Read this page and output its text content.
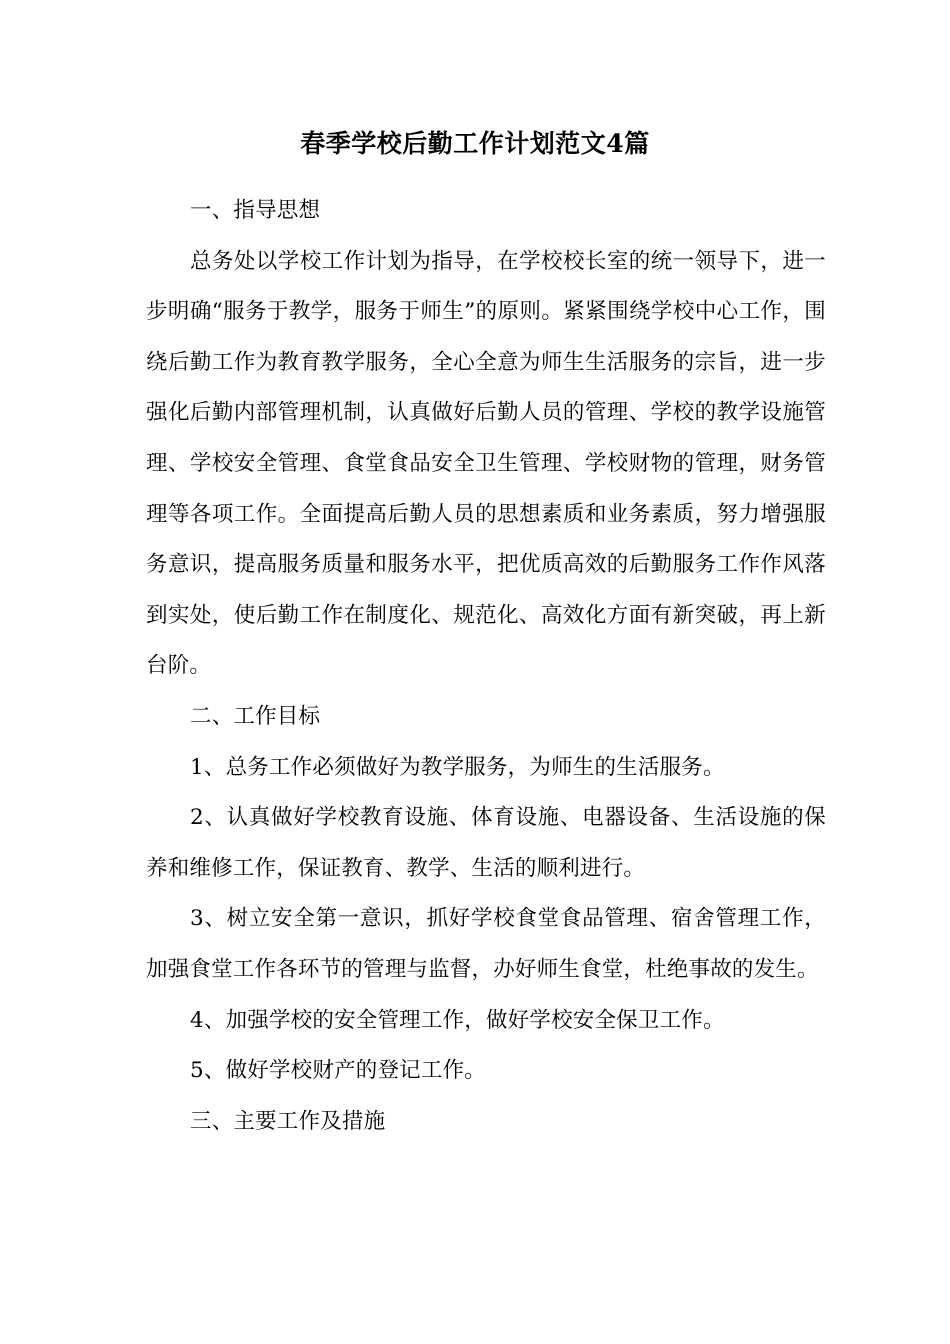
春季学校后勤工作计划范文4篇

一、指导思想

总务处以学校工作计划为指导，在学校校长室的统一领导下，进一步明确“服务于教学，服务于师生”的原则。紧紧围绕学校中心工作，围绕后勤工作为教育教学服务，全心全意为师生生活服务的宗旨，进一步强化后勤内部管理机制，认真做好后勤人员的管理、学校的教学设施管理、学校安全管理、食堂食品安全卫生管理、学校财物的管理，财务管理等各项工作。全面提高后勤人员的思想素质和业务素质，努力增强服务意识，提高服务质量和服务水平，把优质高效的后勤服务工作作风落到实处，使后勤工作在制度化、规范化、高效化方面有新突破，再上新台阶。

二、工作目标

1、总务工作必须做好为教学服务，为师生的生活服务。

2、认真做好学校教育设施、体育设施、电器设备、生活设施的保养和维修工作，保证教育、教学、生活的顺利进行。

3、树立安全第一意识，抓好学校食堂食品管理、宿舍管理工作，加强食堂工作各环节的管理与监督，办好师生食堂，杜绝事故的发生。

4、加强学校的安全管理工作，做好学校安全保卫工作。

5、做好学校财产的登记工作。

三、主要工作及措施
